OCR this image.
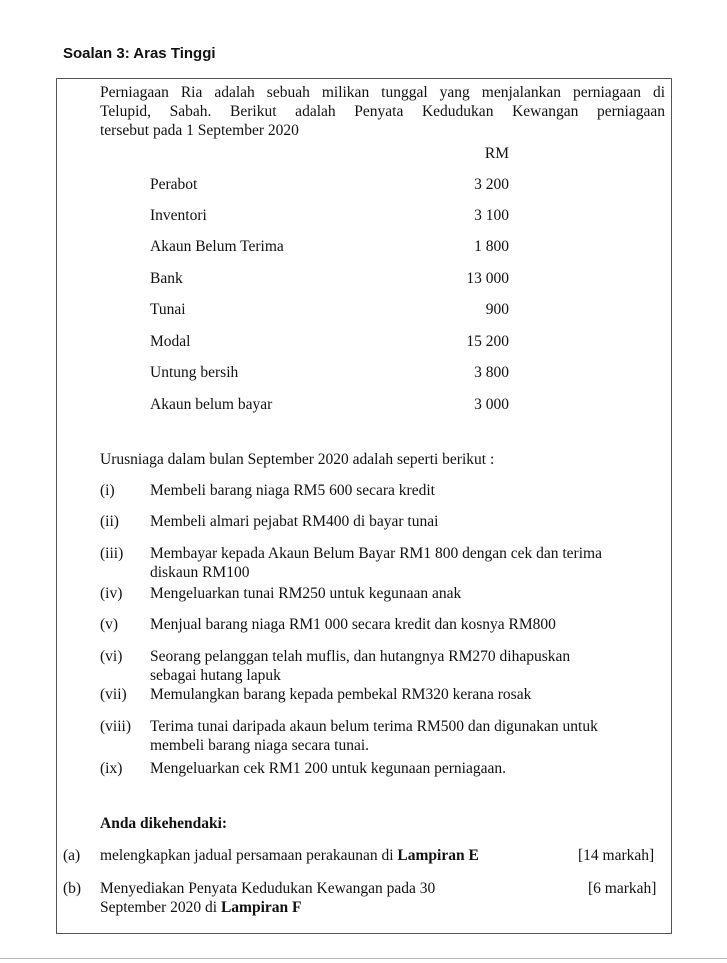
Soalan 3: Aras Tinggi

Perniagaan Ria adalah sebuah milikan tunggal yang menjalankan perniagaan di

Telupid, Sabah. Berikut adalah Penyata Kedudukan Kewangan perniagaan

tersebut pada 1 September 2020

RM
Perabot	3 200
Inventori	3 100
Akaun Belum Terima	1 800
Bank	13 000
Tunai	900
Modal	15 200
Untung bersih	3 800
Akaun belum bayar	3 000
Urusniaga dalam bulan September 2020 adalah seperti berikut :
(i) Membeli barang niaga RM5 600 secara kredit

(ii) Membeli almari pejabat RM400 di bayar tunai

(iii) Membayar kepada Akaun Belum Bayar RM1 800 dengan cek dan terima

diskaun RM100

(iv) Mengeluarkan tunai RM250 untuk kegunaan anak

(v) Menjual barang niaga RM1 000 secara kredit dan kosnya RM800

(vi) Seorang pelanggan telah muflis, dan hutangnya RM270 dihapuskan

sebagai hutang lapuk

(vii) Memulangkan barang kepada pembekal RM320 kerana rosak

(viii) Terima tunai daripada akaun belum terima RM500 dan digunakan untuk

membeli barang niaga secara tunai.

(ix) Mengeluarkan cek RM1 200 untuk kegunaan perniagaan.

Anda dikehendaki:
(a) melengkapkan jadual persamaan perakaunan di Lampiran E	[14 markah]
(b) Menyediakan Penyata Kedudukan Kewangan pada 30

September 2020 di Lampiran F
[6 markah]
